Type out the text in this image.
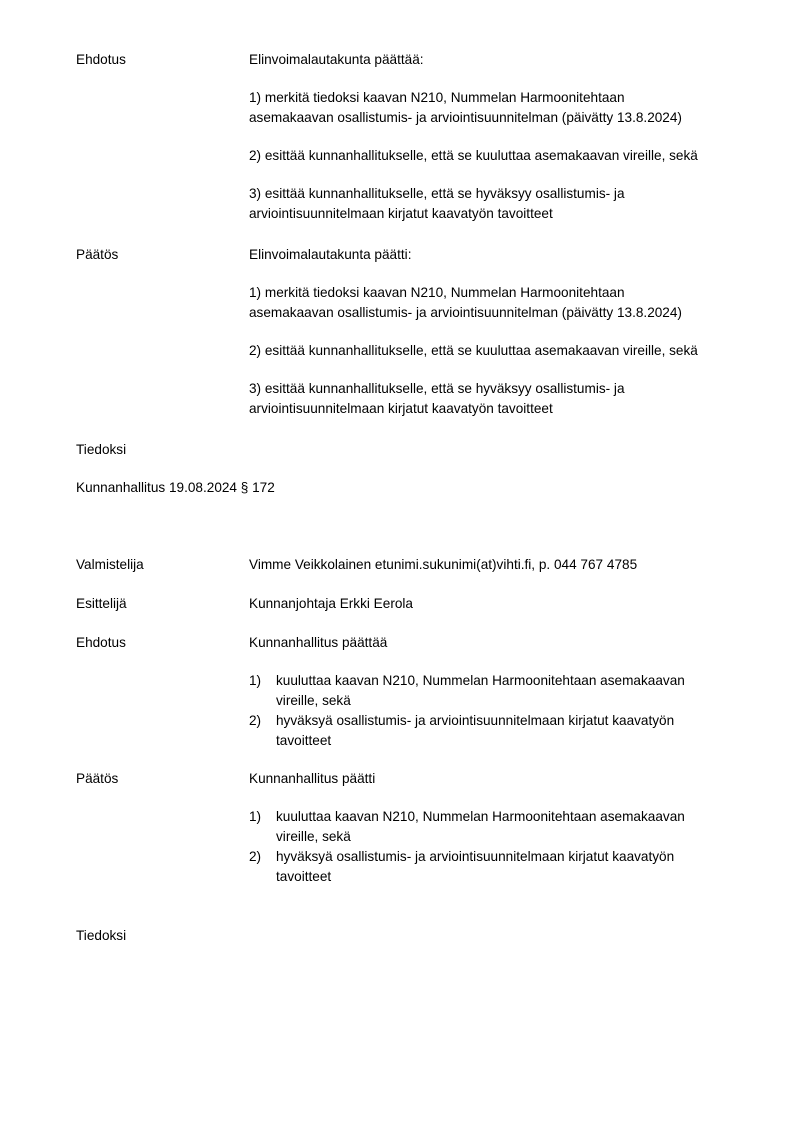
Ehdotus	Elinvoimalautakunta päättää:

1) merkitä tiedoksi kaavan N210, Nummelan Harmoonitehtaan

asemakaavan osallistumis- ja arviointisuunnitelman (päivätty 13.8.2024)

2) esittää kunnanhallitukselle, että se kuuluttaa asemakaavan vireille, sekä

3) esittää kunnanhallitukselle, että se hyväksyy osallistumis- ja

arviointisuunnitelmaan kirjatut kaavatyön tavoitteet

Päätös	Elinvoimalautakunta päätti:

1) merkitä tiedoksi kaavan N210, Nummelan Harmoonitehtaan

asemakaavan osallistumis- ja arviointisuunnitelman (päivätty 13.8.2024)

2) esittää kunnanhallitukselle, että se kuuluttaa asemakaavan vireille, sekä

3) esittää kunnanhallitukselle, että se hyväksyy osallistumis- ja

arviointisuunnitelmaan kirjatut kaavatyön tavoitteet

Tiedoksi
Kunnanhallitus 19.08.2024 § 172
Valmistelija	Vimme Veikkolainen etunimi.sukunimi(at)vihti.fi, p. 044 767 4785

Esittelijä	Kunnanjohtaja Erkki Eerola

Ehdotus	Kunnanhallitus päättää

1) kuuluttaa kaavan N210, Nummelan Harmoonitehtaan asemakaavan

vireille, sekä

2) hyväksyä osallistumis- ja arviointisuunnitelmaan kirjatut kaavatyön

tavoitteet

Päätös	Kunnanhallitus päätti

1) kuuluttaa kaavan N210, Nummelan Harmoonitehtaan asemakaavan

vireille, sekä

2) hyväksyä osallistumis- ja arviointisuunnitelmaan kirjatut kaavatyön

tavoitteet

Tiedoksi
